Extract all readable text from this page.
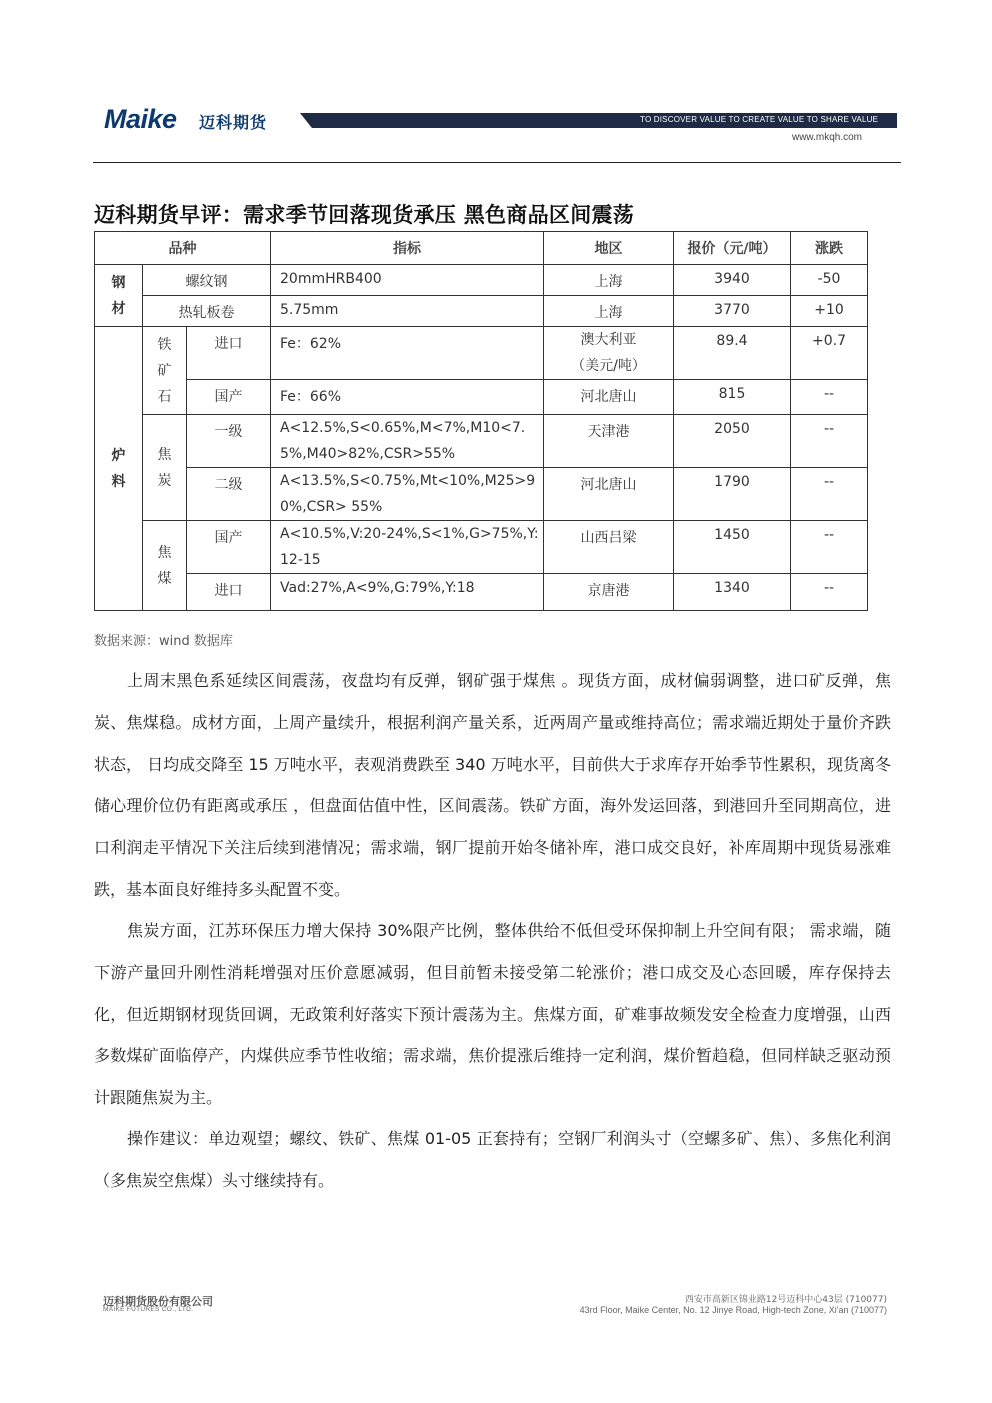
Maike 迈科期货	TO DISCOVER VALUE TO CREATE VALUE TO SHARE VALUE
www.mkqh.com
迈科期货早评：需求季节回落现货承压 黑色商品区间震荡
品种			指标	地区	报价（元/吨）	涨跌
钢材	螺纹钢		20mmHRB400	上海	3940	-50
	热轧板卷		5.75mm	上海	3770	+10
炉料	铁矿石	进口	Fe：62%	澳大利亚（美元/吨）	89.4	+0.7
		国产	Fe：66%	河北唐山	815	--
	焦炭	一级	A<12.5%,S<0.65%,M<7%,M10<7.5%,M40>82%,CSR>55%	天津港	2050	--
		二级	A<13.5%,S<0.75%,Mt<10%,M25>90%,CSR> 55%	河北唐山	1790	--
	焦煤	国产	A<10.5%,V:20-24%,S<1%,G>75%,Y:12-15	山西吕梁	1450	--
		进口	Vad:27%,A<9%,G:79%,Y:18	京唐港	1340	--
数据来源：wind 数据库

上周末黑色系延续区间震荡，夜盘均有反弹，钢矿强于煤焦 。现货方面，成材偏弱调整，进口矿反弹，焦炭、焦煤稳。成材方面，上周产量续升，根据利润产量关系，近两周产量或维持高位；需求端近期处于量价齐跌状态， 日均成交降至 15 万吨水平，表观消费跌至 340 万吨水平，目前供大于求库存开始季节性累积，现货离冬储心理价位仍有距离或承压 ，但盘面估值中性，区间震荡。铁矿方面，海外发运回落，到港回升至同期高位，进口利润走平情况下关注后续到港情况；需求端，钢厂提前开始冬储补库，港口成交良好，补库周期中现货易涨难跌，基本面良好维持多头配置不变。

焦炭方面，江苏环保压力增大保持 30%限产比例，整体供给不低但受环保抑制上升空间有限； 需求端，随下游产量回升刚性消耗增强对压价意愿减弱，但目前暂未接受第二轮涨价；港口成交及心态回暖，库存保持去化，但近期钢材现货回调，无政策利好落实下预计震荡为主。焦煤方面，矿难事故频发安全检查力度增强，山西多数煤矿面临停产，内煤供应季节性收缩；需求端，焦价提涨后维持一定利润，煤价暂趋稳，但同样缺乏驱动预计跟随焦炭为主。

操作建议：单边观望；螺纹、铁矿、焦煤 01-05 正套持有；空钢厂利润头寸（空螺多矿、焦）、多焦化利润（多焦炭空焦煤）头寸继续持有。

迈科期货股份有限公司
MAIKE FUTURES CO., LTD.
西安市高新区锦业路12号迈科中心43层 (710077)
43rd Floor, Maike Center, No. 12 Jinye Road, High-tech Zone, Xi'an (710077)
